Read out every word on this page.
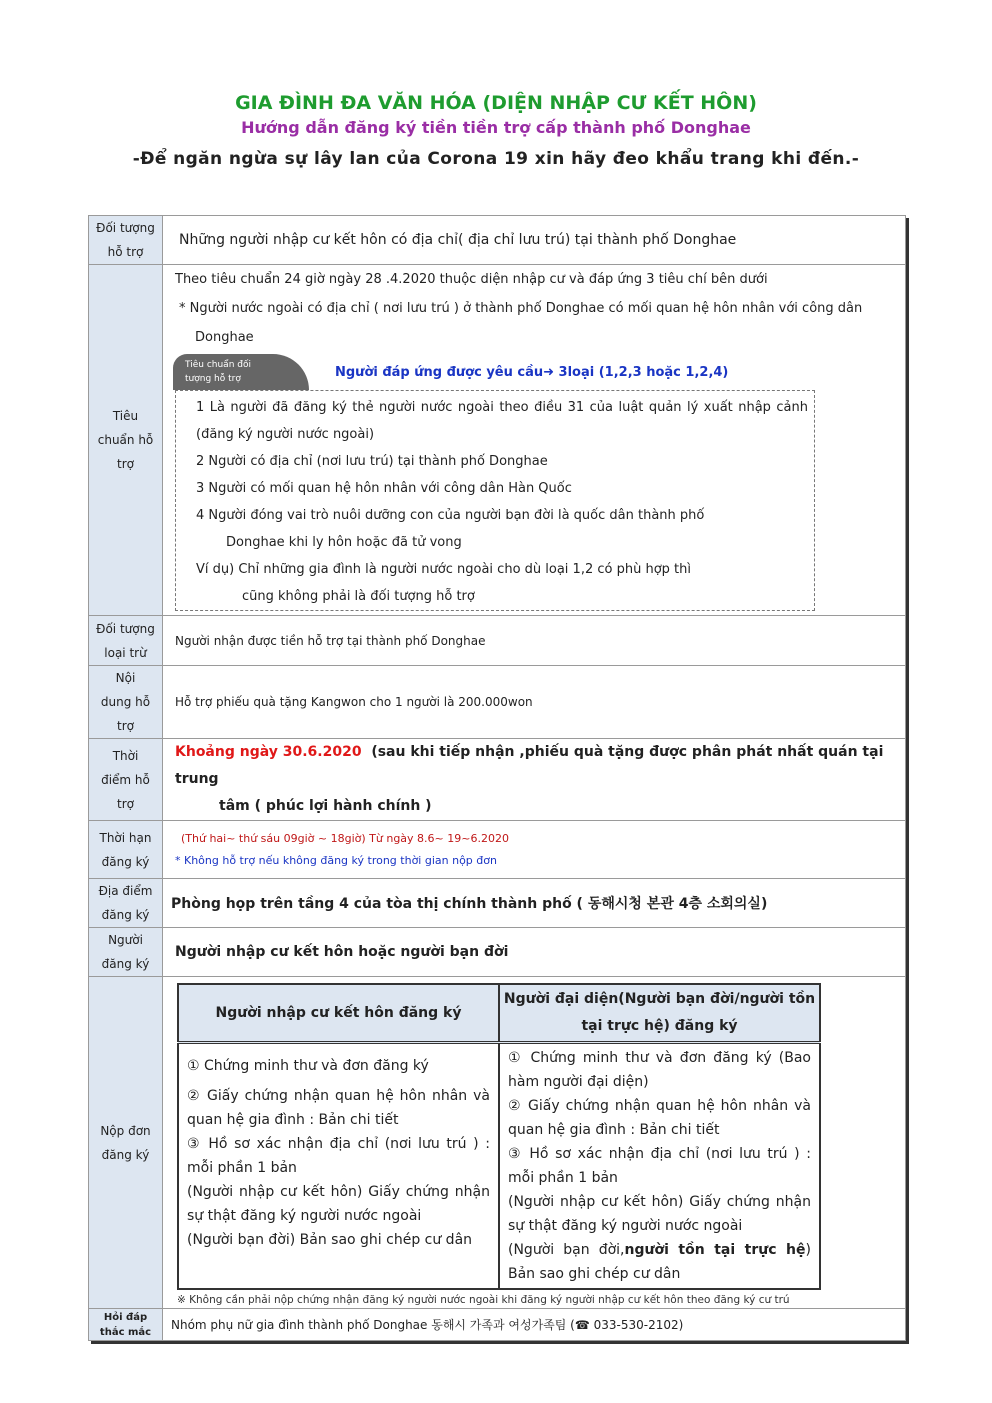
GIA ĐÌNH ĐA VĂN HÓA (DIỆN NHẬP CƯ KẾT HÔN)
Hướng dẫn đăng ký tiền tiền trợ cấp thành phố Donghae
-Để ngăn ngừa sự lây lan của Corona 19 xin hãy đeo khẩu trang khi đến.-
Đối tượng
hỗ trợ
	Những người nhập cư kết hôn có địa chỉ( địa chỉ lưu trú) tại thành phố Donghae

Tiêu
chuẩn hỗ
trợ

Theo tiêu chuẩn 24 giờ ngày 28 .4.2020 thuộc diện nhập cư và đáp ứng 3 tiêu chí bên dưới
* Người nước ngoài có địa chỉ ( nơi lưu trú ) ở thành phố Donghae có mối quan hệ hôn nhân với công dân
Donghae
Tiêu chuẩn đối tượng hỗ trợ	Người đáp ứng được yêu cầu➜ 3loại (1,2,3 hoặc 1,2,4)
1 Là người đã đăng ký thẻ người nước ngoài theo điều 31 của luật quản lý xuất nhập cảnh (đăng ký người nước ngoài)
2 Người có địa chỉ (nơi lưu trú) tại thành phố Donghae
3 Người có mối quan hệ hôn nhân với công dân Hàn Quốc
4 Người đóng vai trò nuôi dưỡng con của người bạn đời là quốc dân thành phố
Donghae khi ly hôn hoặc đã tử vong
Ví dụ) Chỉ những gia đình là người nước ngoài cho dù loại 1,2 có phù hợp thì
cũng không phải là đối tượng hỗ trợ

Đối tượng
loại trừ
	Người nhận được tiền hỗ trợ tại thành phố Donghae

Nội
dung hỗ
trợ
	Hỗ trợ phiếu quà tặng Kangwon cho 1 người là 200.000won

Thời
điểm hỗ
trợ

Khoảng ngày 30.6.2020 (sau khi tiếp nhận ,phiếu quà tặng được phân phát nhất quán tại trung
tâm ( phúc lợi hành chính )

Thời hạn
đăng ký

(Thứ hai~ thứ sáu 09giờ ~ 18giờ) Từ ngày 8.6~ 19~6.2020
* Không hỗ trợ nếu không đăng ký trong thời gian nộp đơn

Địa điểm
đăng ký
	Phòng họp trên tầng 4 của tòa thị chính thành phố ( 동해시청 본관 4층 소회의실)

Người
đăng ký
	Người nhập cư kết hôn hoặc người bạn đời

Nộp đơn
đăng ký

Người nhập cư kết hôn đăng ký	Người đại diện(Người bạn đời/người tồn tại trực hệ) đăng ký

① Chứng minh thư và đơn đăng ký
② Giấy chứng nhận quan hệ hôn nhân và quan hệ gia đình : Bản chi tiết
③ Hồ sơ xác nhận địa chỉ (nơi lưu trú ) : mỗi phần 1 bản
(Người nhập cư kết hôn) Giấy chứng nhận sự thật đăng ký người nước ngoài
(Người bạn đời) Bản sao ghi chép cư dân

① Chứng minh thư và đơn đăng ký (Bao hàm người đại diện)
② Giấy chứng nhận quan hệ hôn nhân và quan hệ gia đình : Bản chi tiết
③ Hồ sơ xác nhận địa chỉ (nơi lưu trú ) : mỗi phần 1 bản
(Người nhập cư kết hôn) Giấy chứng nhận sự thật đăng ký người nước ngoài
(Người bạn đời,người tồn tại trực hệ) Bản sao ghi chép cư dân
※ Không cần phải nộp chứng nhận đăng ký người nước ngoài khi đăng ký người nhập cư kết hôn theo đăng ký cư trú

Hỏi đáp
thắc mắc	Nhóm phụ nữ gia đình thành phố Donghae 동해시 가족과 여성가족팀 (☎ 033-530-2102)
